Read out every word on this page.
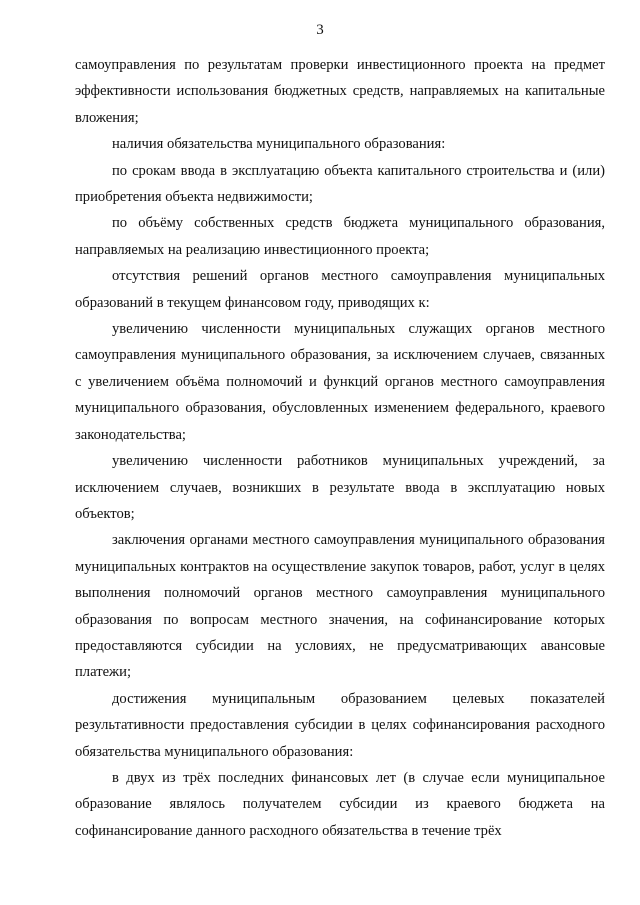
3

самоуправления по результатам проверки инвестиционного проекта на предмет эффективности использования бюджетных средств, направляемых на капитальные вложения;

наличия обязательства муниципального образования:

по срокам ввода в эксплуатацию объекта капитального строительства и (или) приобретения объекта недвижимости;

по объёму собственных средств бюджета муниципального образования, направляемых на реализацию инвестиционного проекта;

отсутствия решений органов местного самоуправления муниципальных образований в текущем финансовом году, приводящих к:

увеличению численности муниципальных служащих органов местного самоуправления муниципального образования, за исключением случаев, связанных с увеличением объёма полномочий и функций органов местного самоуправления муниципального образования, обусловленных изменением федерального, краевого законодательства;

увеличению численности работников муниципальных учреждений, за исключением случаев, возникших в результате ввода в эксплуатацию новых объектов;

заключения органами местного самоуправления муниципального образования муниципальных контрактов на осуществление закупок товаров, работ, услуг в целях выполнения полномочий органов местного самоуправления муниципального образования по вопросам местного значения, на софинансирование которых предоставляются субсидии на условиях, не предусматривающих авансовые платежи;

достижения муниципальным образованием целевых показателей результативности предоставления субсидии в целях софинансирования расходного обязательства муниципального образования:

в двух из трёх последних финансовых лет (в случае если муниципальное образование являлось получателем субсидии из краевого бюджета на софинансирование данного расходного обязательства в течение трёх
